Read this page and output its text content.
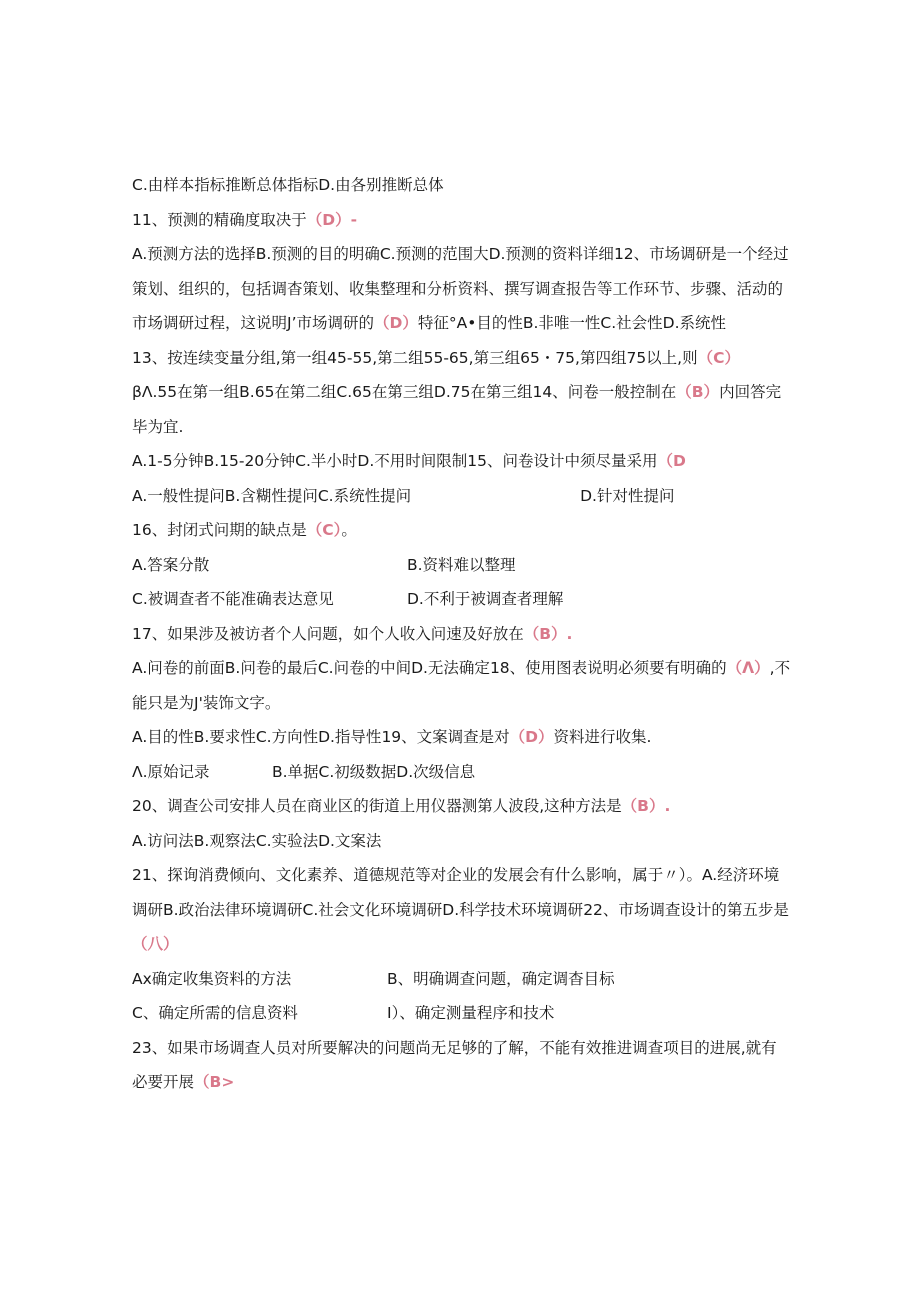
C.由样本指标推断总体指标D.由各别推断总体
11、预测的精确度取决于（D）-
A.预测方法的选择B.预测的目的明确C.预测的范围大D.预测的资料详细12、市场调研是一个经过策划、组织的，包括调杳策划、收集整理和分析资料、撰写调查报告等工作环节、步骤、活动的市场调研过程，这说明J’市场调研的（D）特征°A•目的性B.非唯一性C.社会性D.系统性
13、按连续变量分组,第一组45-55,第二组55-65,第三组65・75,第四组75以上,则（C）
βΛ.55在第一组B.65在第二组C.65在第三组D.75在第三组14、问卷一般控制在（B）内回答完毕为宜.
A.1-5分钟B.15-20分钟C.半小时D.不用时间限制15、问卷设计中须尽量采用（D
A.一般性提问B.含糊性提问C.系统性提问	D.针对性提问
16、封闭式问期的缺点是（C）。
A.答案分散	B.资料难以整理
C.被调查者不能准确表达意见	D.不利于被调查者理解
17、如果涉及被访者个人问题，如个人收入问速及好放在（B）.
A.问卷的前面B.问卷的最后C.问卷的中间D.无法确定18、使用图表说明必须要有明确的（Λ）,不能只是为J'装饰文字。
A.目的性B.要求性C.方向性D.指导性19、文案调查是对（D）资料进行收集.
Λ.原始记录	B.单据C.初级数据D.次级信息
20、调查公司安排人员在商业区的街道上用仪器测第人波段,这种方法是（B）.
A.访问法B.观察法C.实验法D.文案法
21、探询消费倾向、文化素养、道德规范等对企业的发展会有什么影响，属于〃）。A.经济环境调研B.政治法律环境调研C.社会文化环境调研D.科学技术环境调研22、市场调查设计的第五步是（八）
Ax确定收集资料的方法	B、明确调查问题，确定调杳目标
C、确定所需的信息资料	I）、确定测量程序和技术
23、如果市场调查人员对所要解决的问题尚无足够的了解，不能有效推进调查项目的进展,就有必要开展（B>
